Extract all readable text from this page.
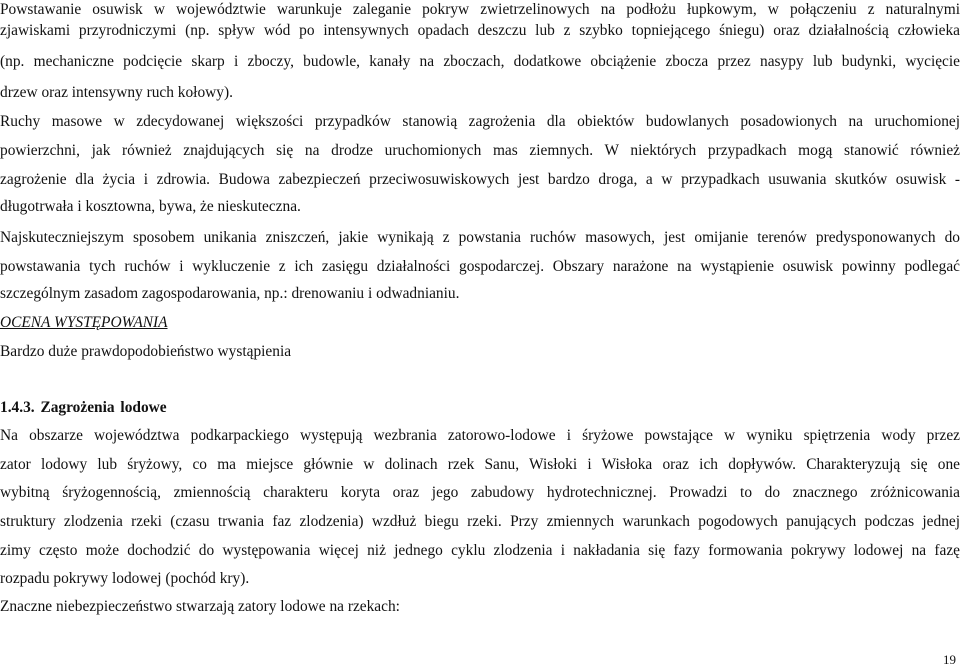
Powstawanie osuwisk w województwie warunkuje zaleganie pokryw zwietrzelinowych na podłożu łupkowym, w połączeniu z naturalnymi
zjawiskami przyrodniczymi (np. spływ wód po intensywnych opadach deszczu lub z szybko topniejącego śniegu) oraz działalnością człowieka
(np. mechaniczne podcięcie skarp i zboczy, budowle, kanały na zboczach, dodatkowe obciążenie zbocza przez nasypy lub budynki, wycięcie
drzew oraz intensywny ruch kołowy).
Ruchy masowe w zdecydowanej większości przypadków stanowią zagrożenia dla obiektów budowlanych posadowionych na uruchomionej
powierzchni, jak również znajdujących się na drodze uruchomionych mas ziemnych. W niektórych przypadkach mogą stanowić również
zagrożenie dla życia i zdrowia. Budowa zabezpieczeń przeciwosuwiskowych jest bardzo droga, a w przypadkach usuwania skutków osuwisk -
długotrwała i kosztowna, bywa, że nieskuteczna.
Najskuteczniejszym sposobem unikania zniszczeń, jakie wynikają z powstania ruchów masowych, jest omijanie terenów predysponowanych do
powstawania tych ruchów i wykluczenie z ich zasięgu działalności gospodarczej. Obszary narażone na wystąpienie osuwisk powinny podlegać
szczególnym zasadom zagospodarowania, np.: drenowaniu i odwadnianiu.
OCENA WYSTĘPOWANIA
Bardzo duże prawdopodobieństwo wystąpienia
1.4.3. Zagrożenia lodowe
Na obszarze województwa podkarpackiego występują wezbrania zatorowo-lodowe i śryżowe powstające w wyniku spiętrzenia wody przez
zator lodowy lub śryżowy, co ma miejsce głównie w dolinach rzek Sanu, Wisłoki i Wisłoka oraz ich dopływów. Charakteryzują się one
wybitną śryżogennością, zmiennością charakteru koryta oraz jego zabudowy hydrotechnicznej. Prowadzi to do znacznego zróżnicowania
struktury zlodzenia rzeki (czasu trwania faz zlodzenia) wzdłuż biegu rzeki. Przy zmiennych warunkach pogodowych panujących podczas jednej
zimy często może dochodzić do występowania więcej niż jednego cyklu zlodzenia i nakładania się fazy formowania pokrywy lodowej na fazę
rozpadu pokrywy lodowej (pochód kry).
Znaczne niebezpieczeństwo stwarzają zatory lodowe na rzekach:
19
